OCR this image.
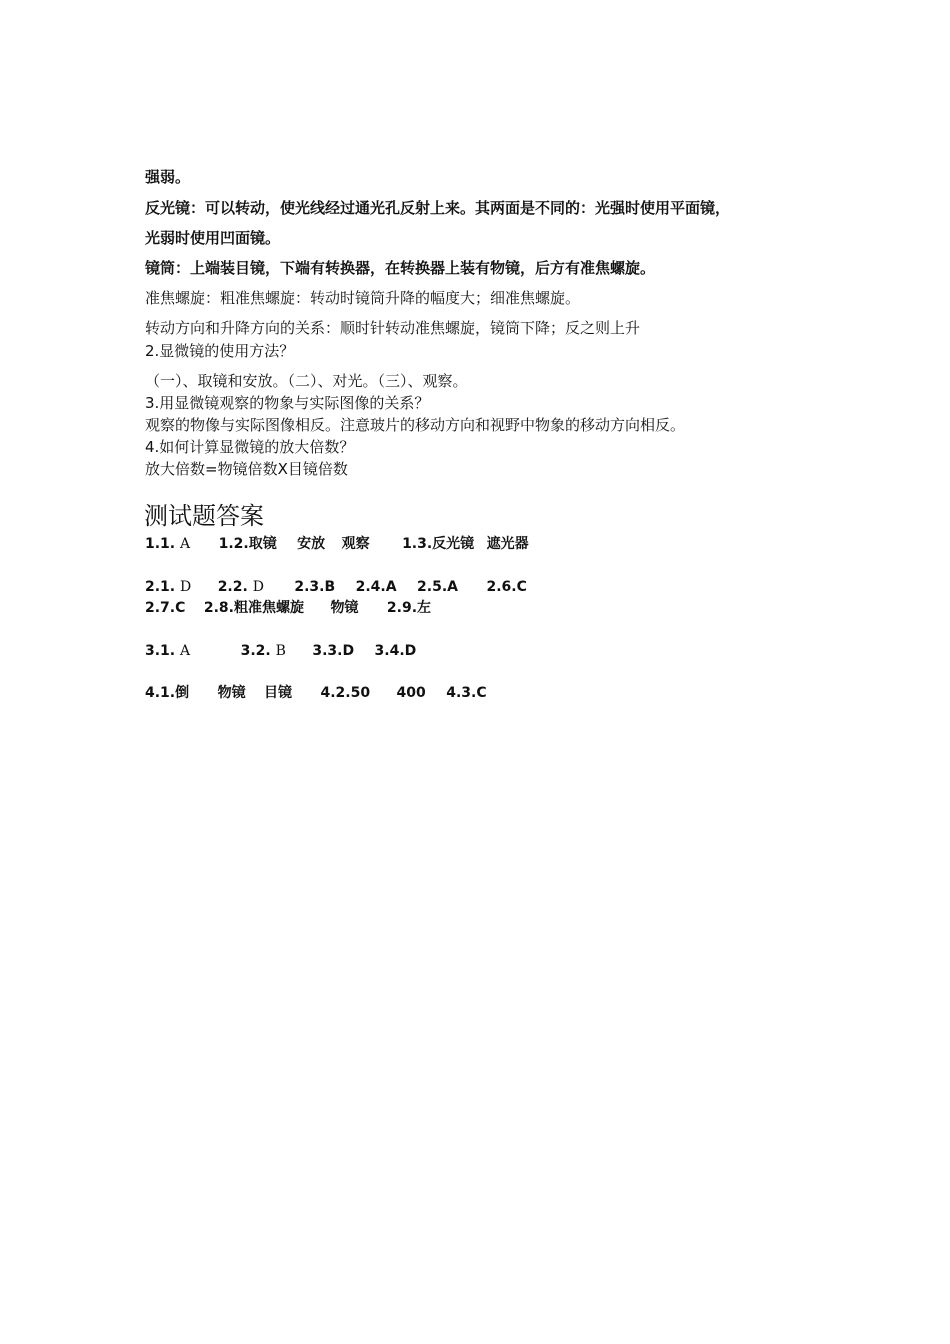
强弱。
反光镜：可以转动，使光线经过通光孔反射上来。其两面是不同的：光强时使用平面镜，
光弱时使用凹面镜。
镜筒：上端装目镜，下端有转换器，在转换器上装有物镜，后方有准焦螺旋。
准焦螺旋：粗准焦螺旋：转动时镜筒升降的幅度大；细准焦螺旋。
转动方向和升降方向的关系：顺时针转动准焦螺旋，镜筒下降；反之则上升
2.显微镜的使用方法？
（一）、取镜和安放。（二）、对光。（三）、观察。
3.用显微镜观察的物象与实际图像的关系？
观察的物像与实际图像相反。注意玻片的移动方向和视野中物象的移动方向相反。
4.如何计算显微镜的放大倍数？
放大倍数=物镜倍数X目镜倍数
测试题答案
1.1. A 1.2.取镜 安放 观察 1.3.反光镜 遮光器
2.1. D 2.2. D 2.3.B 2.4.A 2.5.A 2.6.C
2.7.C 2.8.粗准焦螺旋 物镜 2.9.左
3.1. A	3.2. B 3.3.D 3.4.D
4.1.倒 物镜 目镜 4.2.50 400 4.3.C
